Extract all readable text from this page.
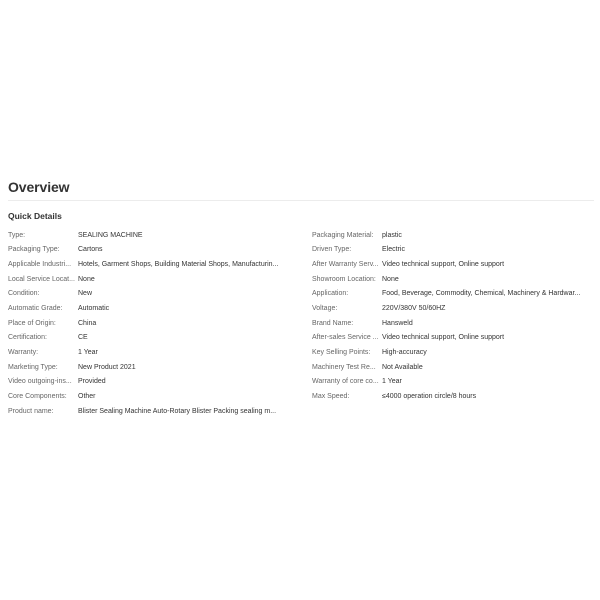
Overview
Quick Details
Type:	SEALING MACHINE
Packaging Type:	Cartons
Applicable Industri... Hotels, Garment Shops, Building Material Shops, Manufacturin...
Local Service Locat... None
Condition:	New
Automatic Grade:	Automatic
Place of Origin:	China
Certification:	CE
Warranty:	1 Year
Marketing Type:	New Product 2021
Video outgoing-ins... Provided
Core Components:	Other
Product name:	Blister Sealing Machine Auto-Rotary Blister Packing sealing m...
Packaging Material:	plastic
Driven Type:	Electric
After Warranty Serv... Video technical support, Online support
Showroom Location: None
Application:	Food, Beverage, Commodity, Chemical, Machinery & Hardwar...
Voltage:	220V/380V 50/60HZ
Brand Name:	Hansweld
After-sales Service ... Video technical support, Online support
Key Selling Points:	High-accuracy
Machinery Test Re... Not Available
Warranty of core co... 1 Year
Max Speed:	≤4000 operation circle/8 hours
